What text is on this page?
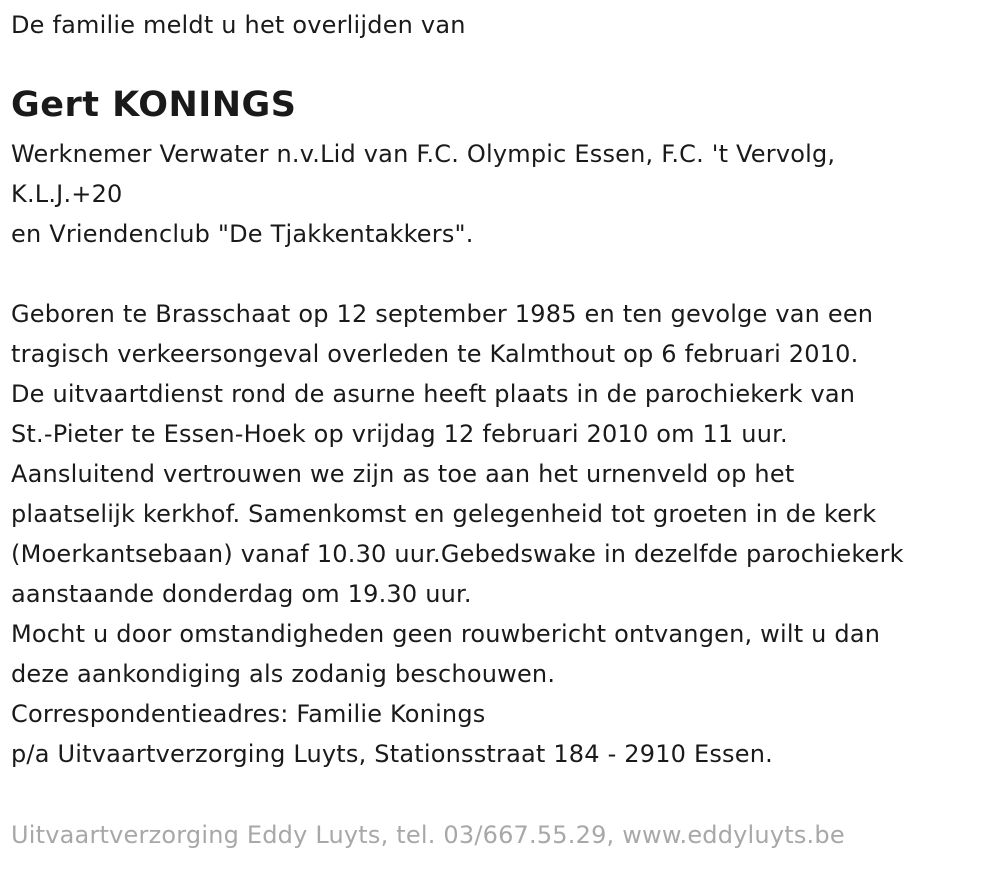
De familie meldt u het overlijden van
Gert KONINGS
Werknemer Verwater n.v.Lid van F.C. Olympic Essen, F.C. 't Vervolg,
K.L.J.+20
en Vriendenclub "De Tjakkentakkers".
Geboren te Brasschaat op 12 september 1985 en ten gevolge van een
tragisch verkeersongeval overleden te Kalmthout op 6 februari 2010.
De uitvaartdienst rond de asurne heeft plaats in de parochiekerk van
St.-Pieter te Essen-Hoek op vrijdag 12 februari 2010 om 11 uur.
Aansluitend vertrouwen we zijn as toe aan het urnenveld op het
plaatselijk kerkhof. Samenkomst en gelegenheid tot groeten in de kerk
(Moerkantsebaan) vanaf 10.30 uur.Gebedswake in dezelfde parochiekerk
aanstaande donderdag om 19.30 uur.
Mocht u door omstandigheden geen rouwbericht ontvangen, wilt u dan
deze aankondiging als zodanig beschouwen.
Correspondentieadres: Familie Konings
p/a Uitvaartverzorging Luyts, Stationsstraat 184 - 2910 Essen.
Uitvaartverzorging Eddy Luyts, tel. 03/667.55.29, www.eddyluyts.be
